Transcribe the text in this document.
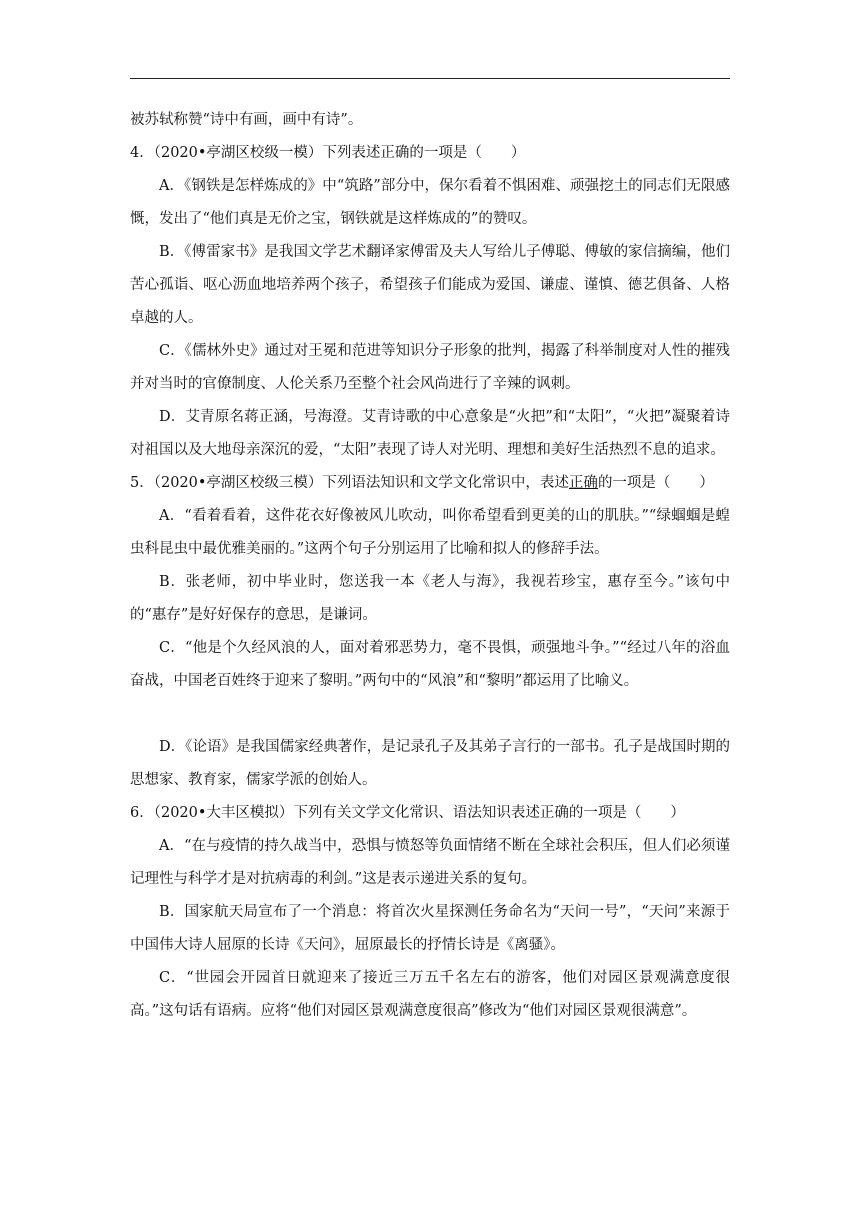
被苏轼称赞“诗中有画，画中有诗”。

4．（2020•亭湖区校级一模）下列表述正确的一项是（　　）

A．《钢铁是怎样炼成的》中“筑路”部分中，保尔看着不惧困难、顽强挖土的同志们无限感慨，发出了“他们真是无价之宝，钢铁就是这样炼成的”的赞叹。

B．《傅雷家书》是我国文学艺术翻译家傅雷及夫人写给儿子傅聪、傅敏的家信摘编，他们苦心孤诣、呕心沥血地培养两个孩子，希望孩子们能成为爱国、谦虚、谨慎、德艺俱备、人格卓越的人。

C．《儒林外史》通过对王冕和范进等知识分子形象的批判，揭露了科举制度对人性的摧残并对当时的官僚制度、人伦关系乃至整个社会风尚进行了辛辣的讽刺。

D．艾青原名蒋正涵，号海澄。艾青诗歌的中心意象是“火把”和“太阳”，“火把”凝聚着诗对祖国以及大地母亲深沉的爱，“太阳”表现了诗人对光明、理想和美好生活热烈不息的追求。

5．（2020•亭湖区校级三模）下列语法知识和文学文化常识中，表述正确的一项是（　　）

A．“看着看着，这件花衣好像被风儿吹动，叫你希望看到更美的山的肌肤。”“绿蝈蝈是蝗虫科昆虫中最优雅美丽的。”这两个句子分别运用了比喻和拟人的修辞手法。

B．张老师，初中毕业时，您送我一本《老人与海》，我视若珍宝，惠存至今。”该句中的“惠存”是好好保存的意思，是谦词。

C．“他是个久经风浪的人，面对着邪恶势力，毫不畏惧，顽强地斗争。”“经过八年的浴血奋战，中国老百姓终于迎来了黎明。”两句中的“风浪”和“黎明”都运用了比喻义。

D．《论语》是我国儒家经典著作，是记录孔子及其弟子言行的一部书。孔子是战国时期的思想家、教育家，儒家学派的创始人。

6．（2020•大丰区模拟）下列有关文学文化常识、语法知识表述正确的一项是（　　）

A．“在与疫情的持久战当中，恐惧与愤怒等负面情绪不断在全球社会积压，但人们必须谨记理性与科学才是对抗病毒的利剑。”这是表示递进关系的复句。

B．国家航天局宣布了一个消息：将首次火星探测任务命名为“天问一号”，“天问”来源于中国伟大诗人屈原的长诗《天问》，屈原最长的抒情长诗是《离骚》。

C．“世园会开园首日就迎来了接近三万五千名左右的游客，他们对园区景观满意度很高。”这句话有语病。应将“他们对园区景观满意度很高”修改为“他们对园区景观很满意”。
